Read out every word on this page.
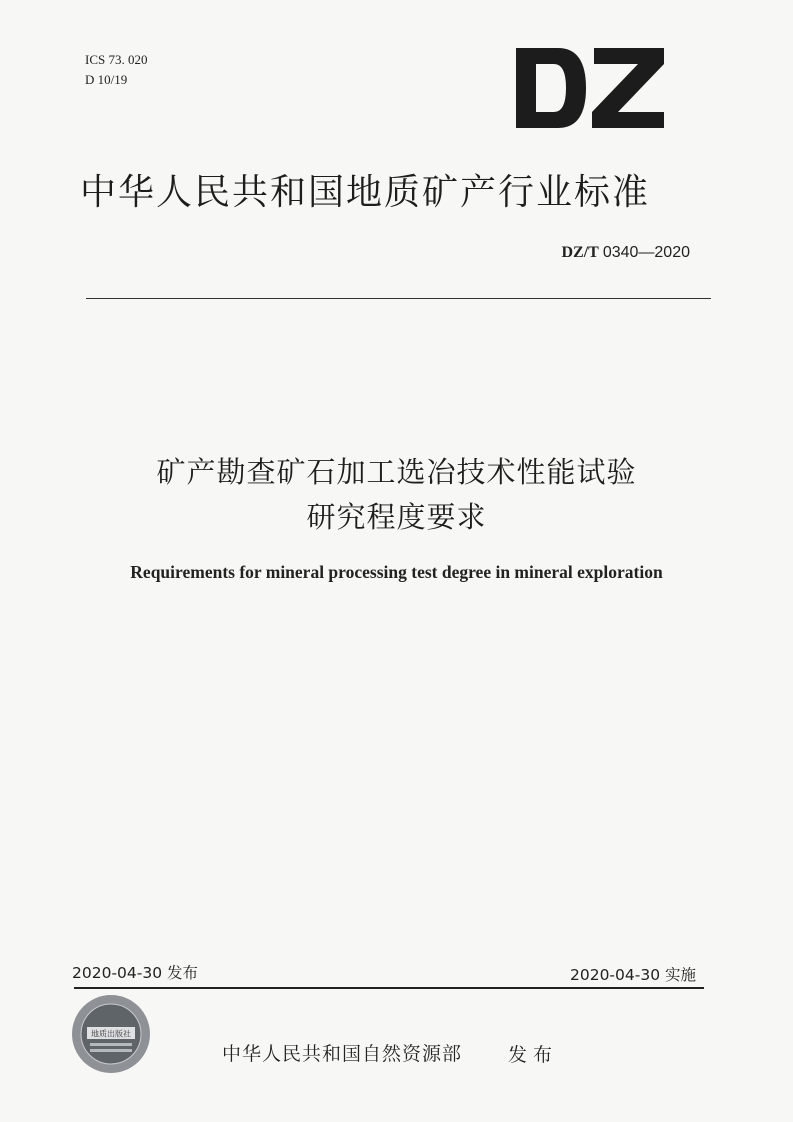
ICS 73. 020
D 10/19
中华人民共和国地质矿产行业标准
DZ/T 0340—2020
矿产勘查矿石加工选冶技术性能试验
研究程度要求
Requirements for mineral processing test degree in mineral exploration
2020-04-30 发布	2020-04-30 实施
地质出版社
中华人民共和国自然资源部 发布
